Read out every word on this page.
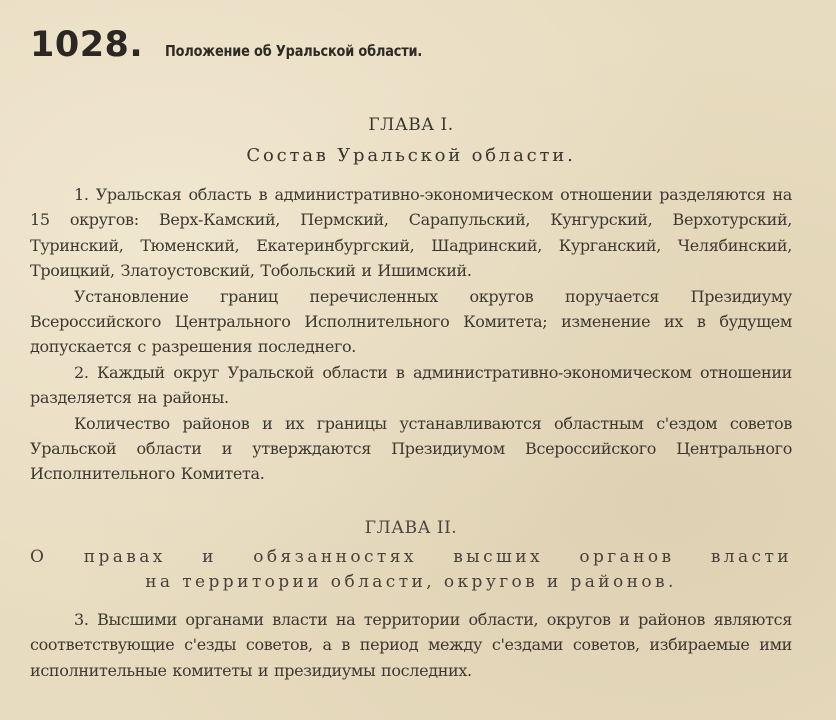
1028. Положение об Уральской области.
ГЛАВА I.
Состав Уральской области.

1. Уральская область в административно-экономическом отношении разделяются на 15 округов: Верх-Камский, Пермский, Сарапульский, Кунгурский, Верхотурский, Туринский, Тюменский, Екатеринбургский, Шадринский, Курганский, Челябинский, Троицкий, Златоустовский, Тобольский и Ишимский.

Установление границ перечисленных округов поручается Президиуму Всероссийского Центрального Исполнительного Комитета; изменение их в будущем допускается с разрешения последнего.

2. Каждый округ Уральской области в административно-экономическом отношении разделяется на районы.

Количество районов и их границы устанавливаются областным с'ездом советов Уральской области и утверждаются Президиумом Всероссийского Центрального Исполнительного Комитета.

ГЛАВА II.
О правах и обязанностях высших органов власти
на территории области, округов и районов.

3. Высшими органами власти на территории области, округов и районов являются соответствующие с'езды советов, а в период между с'ездами советов, избираемые ими исполнительные комитеты и президиумы последних.
